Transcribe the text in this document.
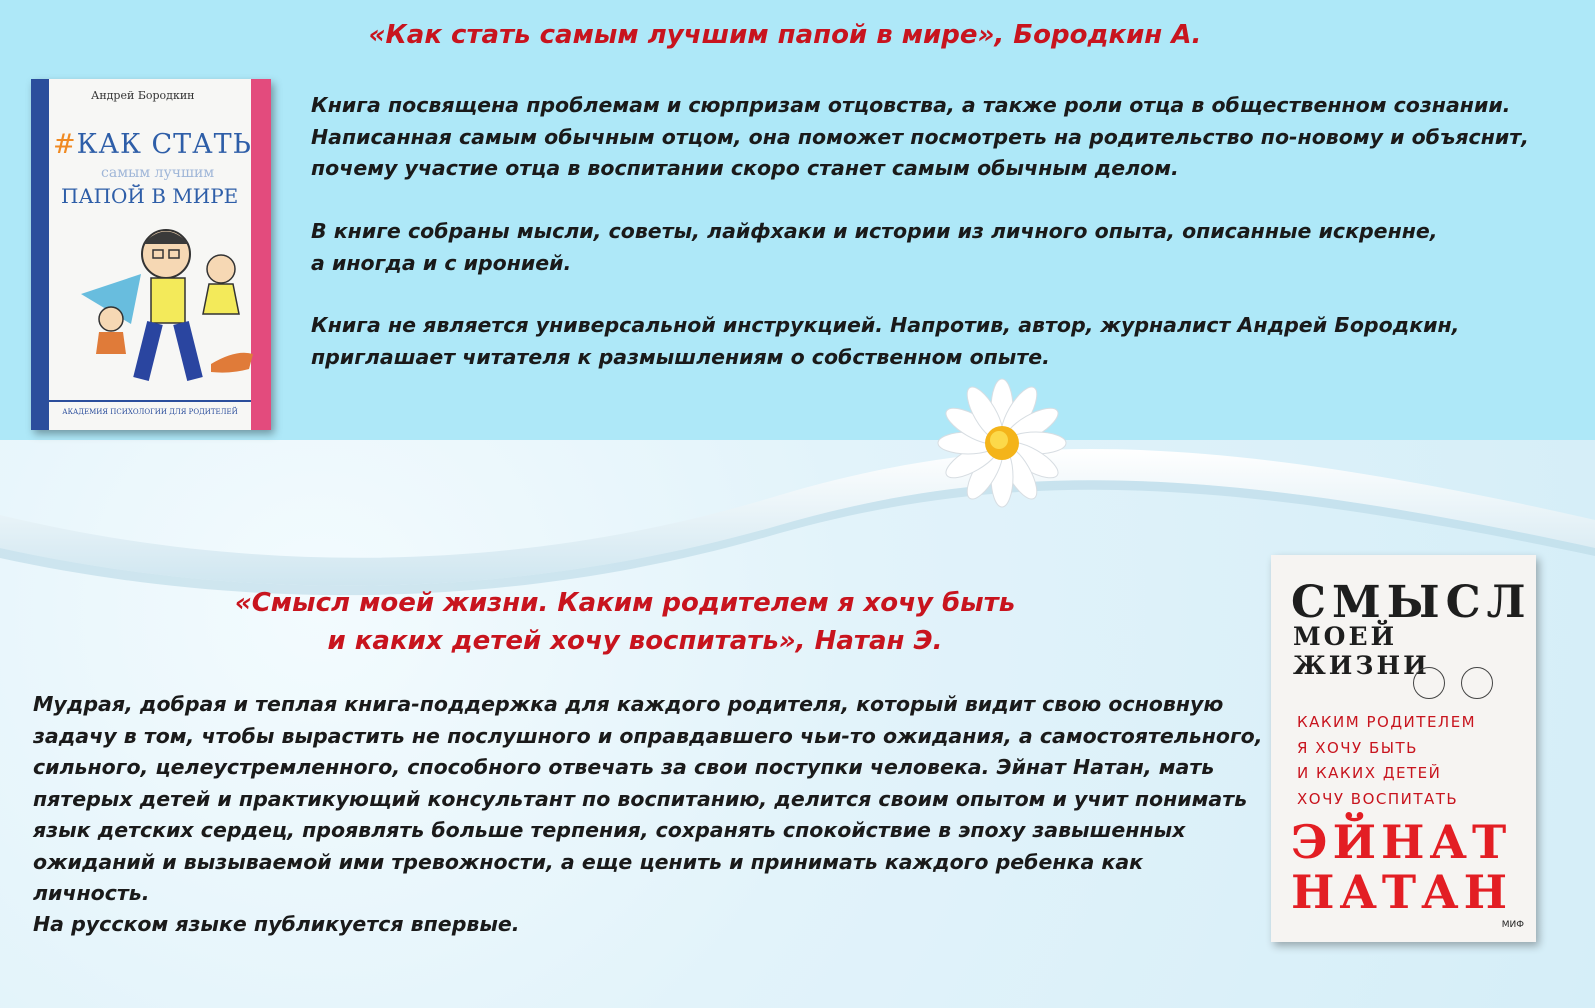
«Как стать самым лучшим папой в мире», Бородкин А.
Андрей Бородкин
#КАК СТАТЬ
самым лучшим
ПАПОЙ В МИРЕ
АКАДЕМИЯ ПСИХОЛОГИИ ДЛЯ РОДИТЕЛЕЙ

Книга посвящена проблемам и сюрпризам отцовства, а также роли отца в общественном сознании.
Написанная самым обычным отцом, она поможет посмотреть на родительство по-новому и объяснит,
почему участие отца в воспитании скоро станет самым обычным делом.

В книге собраны мысли, советы, лайфхаки и истории из личного опыта, описанные искренне,
а иногда и с иронией.

Книга не является универсальной инструкцией. Напротив, автор, журналист Андрей Бородкин,
приглашает читателя к размышлениям о собственном опыте.

«Смысл моей жизни. Каким родителем я хочу быть
и каких детей хочу воспитать», Натан Э.

Мудрая, добрая и теплая книга-поддержка для каждого родителя, который видит свою основную
задачу в том, чтобы вырастить не послушного и оправдавшего чьи-то ожидания, а самостоятельного,
сильного, целеустремленного, способного отвечать за свои поступки человека. Эйнат Натан, мать
пятерых детей и практикующий консультант по воспитанию, делится своим опытом и учит понимать
язык детских сердец, проявлять больше терпения, сохранять спокойствие в эпоху завышенных
ожиданий и вызываемой ими тревожности, а еще ценить и принимать каждого ребенка как личность.

На русском языке публикуется впервые.

СМЫСЛ
МОЕЙ ЖИЗНИ
КАКИМ РОДИТЕЛЕМ
Я ХОЧУ БЫТЬ
И КАКИХ ДЕТЕЙ
ХОЧУ ВОСПИТАТЬ
ЭЙНАТ
НАТАН
МИФ
